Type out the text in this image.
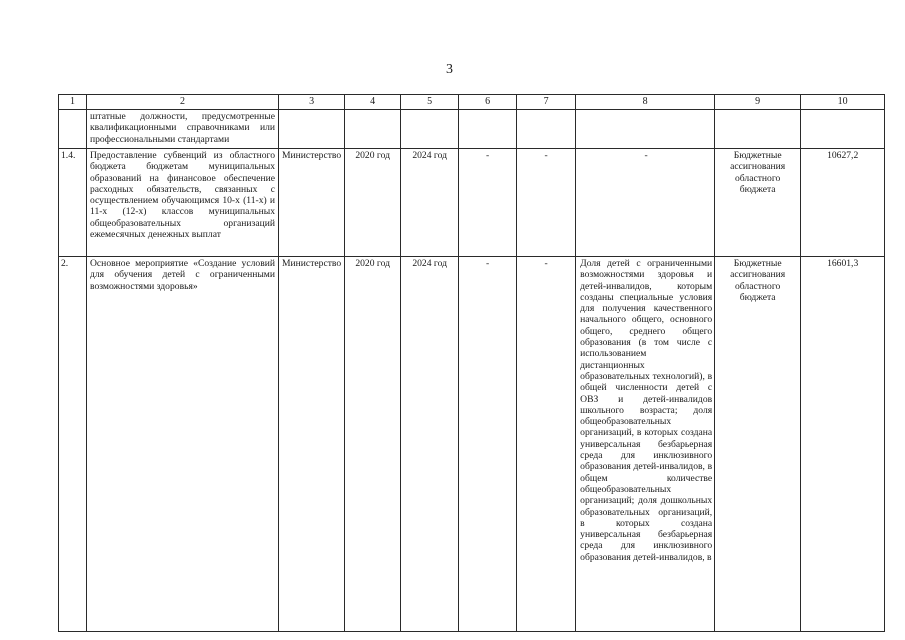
3
1	2	3	4	5	6	7	8	9	10
	штатные должности, предусмотренные квалификационными справочниками или профессиональными стандартами								
1.4.	Предоставление субвенций из областного бюджета бюджетам муниципальных образований на финансовое обеспечение расходных обязательств, связанных с осуществлением обучающимся 10-х (11-х) и 11-х (12-х) классов муниципальных общеобразовательных организаций ежемесячных денежных выплат	Министерство	2020 год	2024 год	-	-	-	Бюджетные ассигнования областного бюджета	10627,2
2.	Основное мероприятие «Создание условий для обучения детей с ограниченными возможностями здоровья»	Министерство	2020 год	2024 год	-	-	Доля детей с ограниченными возможностями здоровья и детей-инвалидов, которым созданы специальные условия для получения качественного начального общего, основного общего, среднего общего образования (в том числе с использованием дистанционных образовательных технологий), в общей численности детей с ОВЗ и детей-инвалидов школьного возраста; доля общеобразовательных организаций, в которых создана универсальная безбарьерная среда для инклюзивного образования детей-инвалидов, в общем количестве общеобразовательных организаций; доля дошкольных образовательных организаций, в которых создана универсальная безбарьерная среда для инклюзивного образования детей-инвалидов, в	Бюджетные ассигнования областного бюджета	16601,3
